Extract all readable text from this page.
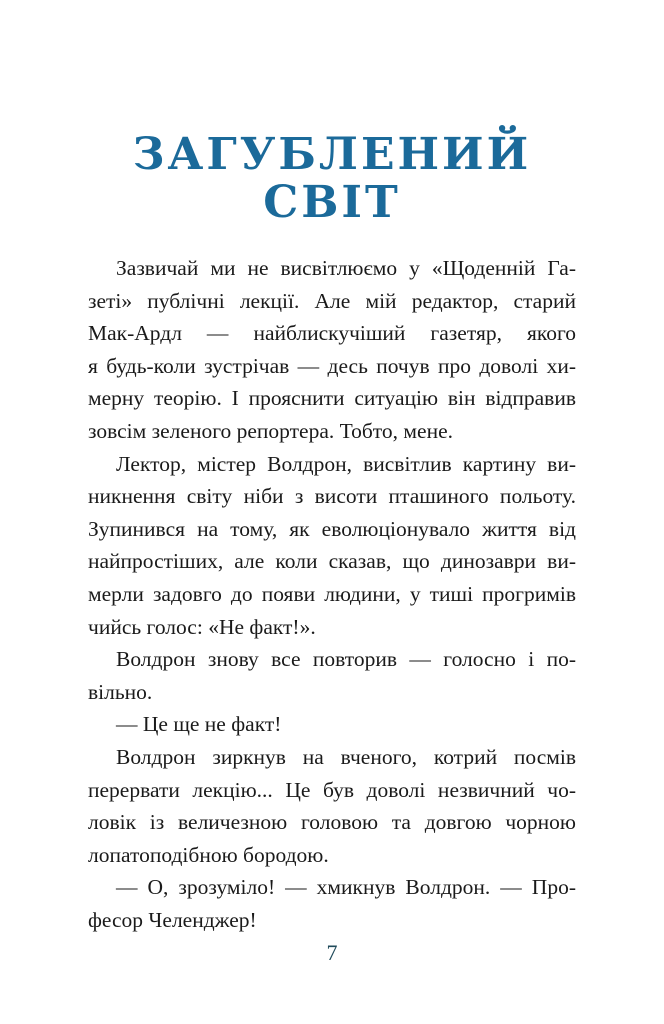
ЗАГУБЛЕНИЙ
СВІТ
Зазвичай ми не висвітлюємо у «Щоденній Га-
зеті» публічні лекції. Але мій редактор, старий
Мак-Ардл — найблискучіший газетяр, якого
я будь-коли зустрічав — десь почув про доволі хи-
мерну теорію. І прояснити ситуацію він відправив
зовсім зеленого репортера. Тобто, мене.
Лектор, містер Волдрон, висвітлив картину ви-
никнення світу ніби з висоти пташиного польоту.
Зупинився на тому, як еволюціонувало життя від
найпростіших, але коли сказав, що динозаври ви-
мерли задовго до появи людини, у тиші прогримів
чийсь голос: «Не факт!».
Волдрон знову все повторив — голосно і по-
вільно.
— Це ще не факт!
Волдрон зиркнув на вченого, котрий посмів
перервати лекцію... Це був доволі незвичний чо-
ловік із величезною головою та довгою чорною
лопатоподібною бородою.
— О, зрозуміло! — хмикнув Волдрон. — Про-
фесор Челенджер!
7
